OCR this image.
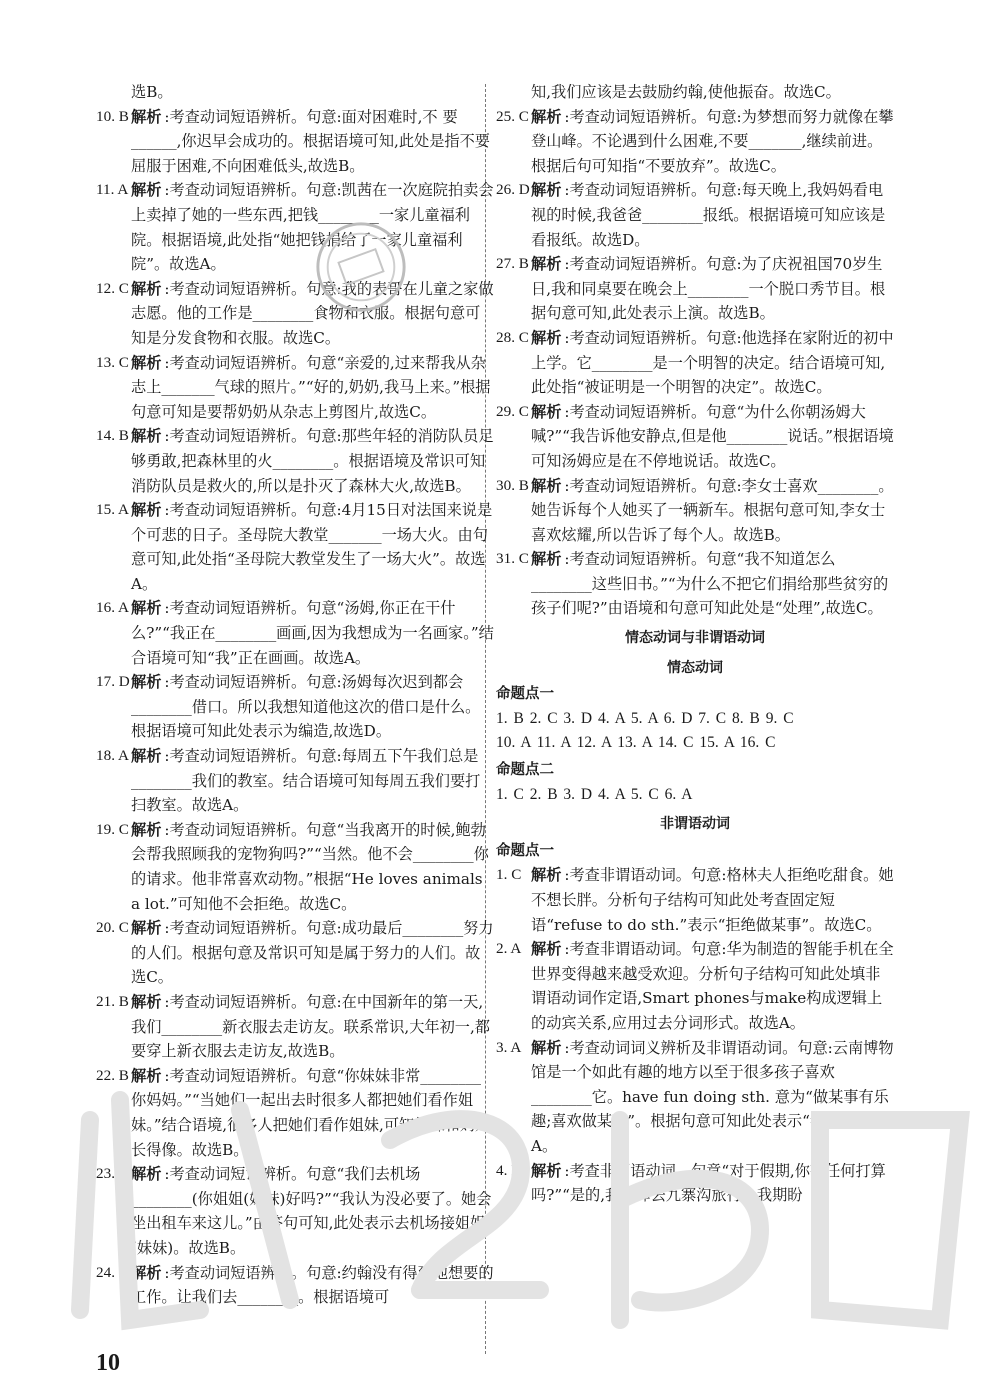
选B。

10. B 解析 :考查动词短语辨析。句意:面对困难时,不 要______,你迟早会成功的。根据语境可知,此处是指不要屈服于困难,不向困难低头,故选B。

11. A 解析 :考查动词短语辨析。句意:凯茜在一次庭院拍卖会上卖掉了她的一些东西,把钱________一家儿童福利院。根据语境,此处指“她把钱捐给了一家儿童福利院”。故选A。

12. C 解析 :考查动词短语辨析。句意:我的表哥在儿童之家做志愿。他的工作是________食物和衣服。根据句意可知是分发食物和衣服。故选C。

13. C 解析 :考查动词短语辨析。句意“亲爱的,过来帮我从杂志上_______气球的照片。”“好的,奶奶,我马上来。”根据句意可知是要帮奶奶从杂志上剪图片,故选C。

14. B 解析 :考查动词短语辨析。句意:那些年轻的消防队员足够勇敢,把森林里的火________。根据语境及常识可知消防队员是救火的,所以是扑灭了森林大火,故选B。

15. A 解析 :考查动词短语辨析。句意:4月15日对法国来说是个可悲的日子。圣母院大教堂_______一场大火。由句意可知,此处指“圣母院大教堂发生了一场大火”。故选A。

16. A 解析 :考查动词短语辨析。句意“汤姆,你正在干什么?”“我正在________画画,因为我想成为一名画家。”结合语境可知“我”正在画画。故选A。

17. D 解析 :考查动词短语辨析。句意:汤姆每次迟到都会________借口。所以我想知道他这次的借口是什么。根据语境可知此处表示为编造,故选D。

18. A 解析 :考查动词短语辨析。句意:每周五下午我们总是________我们的教室。结合语境可知每周五我们要打扫教室。故选A。

19. C 解析 :考查动词短语辨析。句意“当我离开的时候,鲍勃会帮我照顾我的宠物狗吗?”“当然。他不会________你的请求。他非常喜欢动物。”根据“He loves animals a lot.”可知他不会拒绝。故选C。

20. C 解析 :考查动词短语辨析。句意:成功最后________努力的人们。根据句意及常识可知是属于努力的人们。故选C。

21. B 解析 :考查动词短语辨析。句意:在中国新年的第一天,我们________新衣服去走访友。联系常识,大年初一,都要穿上新衣服去走访友,故选B。

22. B 解析 :考查动词短语辨析。句意“你妹妹非常________你妈妈。”“当她们一起出去时很多人都把她们看作姐妹。”结合语境,很多人把她们看作姐妹,可知妹妹和妈妈长得像。故选B。

23. B 解析 :考查动词短语辨析。句意“我们去机场________(你姐姐(妹妹)好吗?”“我认为没必要了。她会坐出租车来这儿。”由答句可知,此处表示去机场接姐姐(妹妹)。故选B。

24. C 解析 :考查动词短语辨析。句意:约翰没有得到他想要的工作。让我们去________。根据语境可

知,我们应该是去鼓励约翰,使他振奋。故选C。

25. C 解析 :考查动词短语辨析。句意:为梦想而努力就像在攀登山峰。不论遇到什么困难,不要_______,继续前进。根据后句可知指“不要放弃”。故选C。

26. D 解析 :考查动词短语辨析。句意:每天晚上,我妈妈看电视的时候,我爸爸________报纸。根据语境可知应该是看报纸。故选D。

27. B 解析 :考查动词短语辨析。句意:为了庆祝祖国70岁生日,我和同桌要在晚会上________一个脱口秀节目。根据句意可知,此处表示上演。故选B。

28. C 解析 :考查动词短语辨析。句意:他选择在家附近的初中上学。它________是一个明智的决定。结合语境可知,此处指“被证明是一个明智的决定”。故选C。

29. C 解析 :考查动词短语辨析。句意“为什么你朝汤姆大喊?”“我告诉他安静点,但是他________说话。”根据语境可知汤姆应是在不停地说话。故选C。

30. B 解析 :考查动词短语辨析。句意:李女士喜欢________。她告诉每个人她买了一辆新车。根据句意可知,李女士喜欢炫耀,所以告诉了每个人。故选B。

31. C 解析 :考查动词短语辨析。句意“我不知道怎么________这些旧书。”“为什么不把它们捐给那些贫穷的孩子们呢?”由语境和句意可知此处是“处理”,故选C。

情态动词与非谓语动词
情态动词
命题点一

1. B 2. C 3. D 4. A 5. A 6. D 7. C 8. B 9. C

10. A 11. A 12. A 13. A 14. C 15. A 16. C

命题点二

1. C 2. B 3. D 4. A 5. C 6. A

非谓语动词
命题点一

1. C 解析 :考查非谓语动词。句意:格林夫人拒绝吃甜食。她不想长胖。分析句子结构可知此处考查固定短语“refuse to do sth.”表示“拒绝做某事”。故选C。

2. A 解析 :考查非谓语动词。句意:华为制造的智能手机在全世界变得越来越受欢迎。分析句子结构可知此处填非谓语动词作定语,Smart phones与make构成逻辑上的动宾关系,应用过去分词形式。故选A。

3. A 解析 :考查动词词义辨析及非谓语动词。句意:云南博物馆是一个如此有趣的地方以至于很多孩子喜欢________它。have fun doing sth. 意为“做某事有乐趣;喜欢做某事”。根据句意可知此处表示“参观”。故选A。

4. B 解析 :考查非谓语动词。句意“对于假期,你有任何打算吗?”“是的,我打算去九寨沟旅行。我期盼

10
